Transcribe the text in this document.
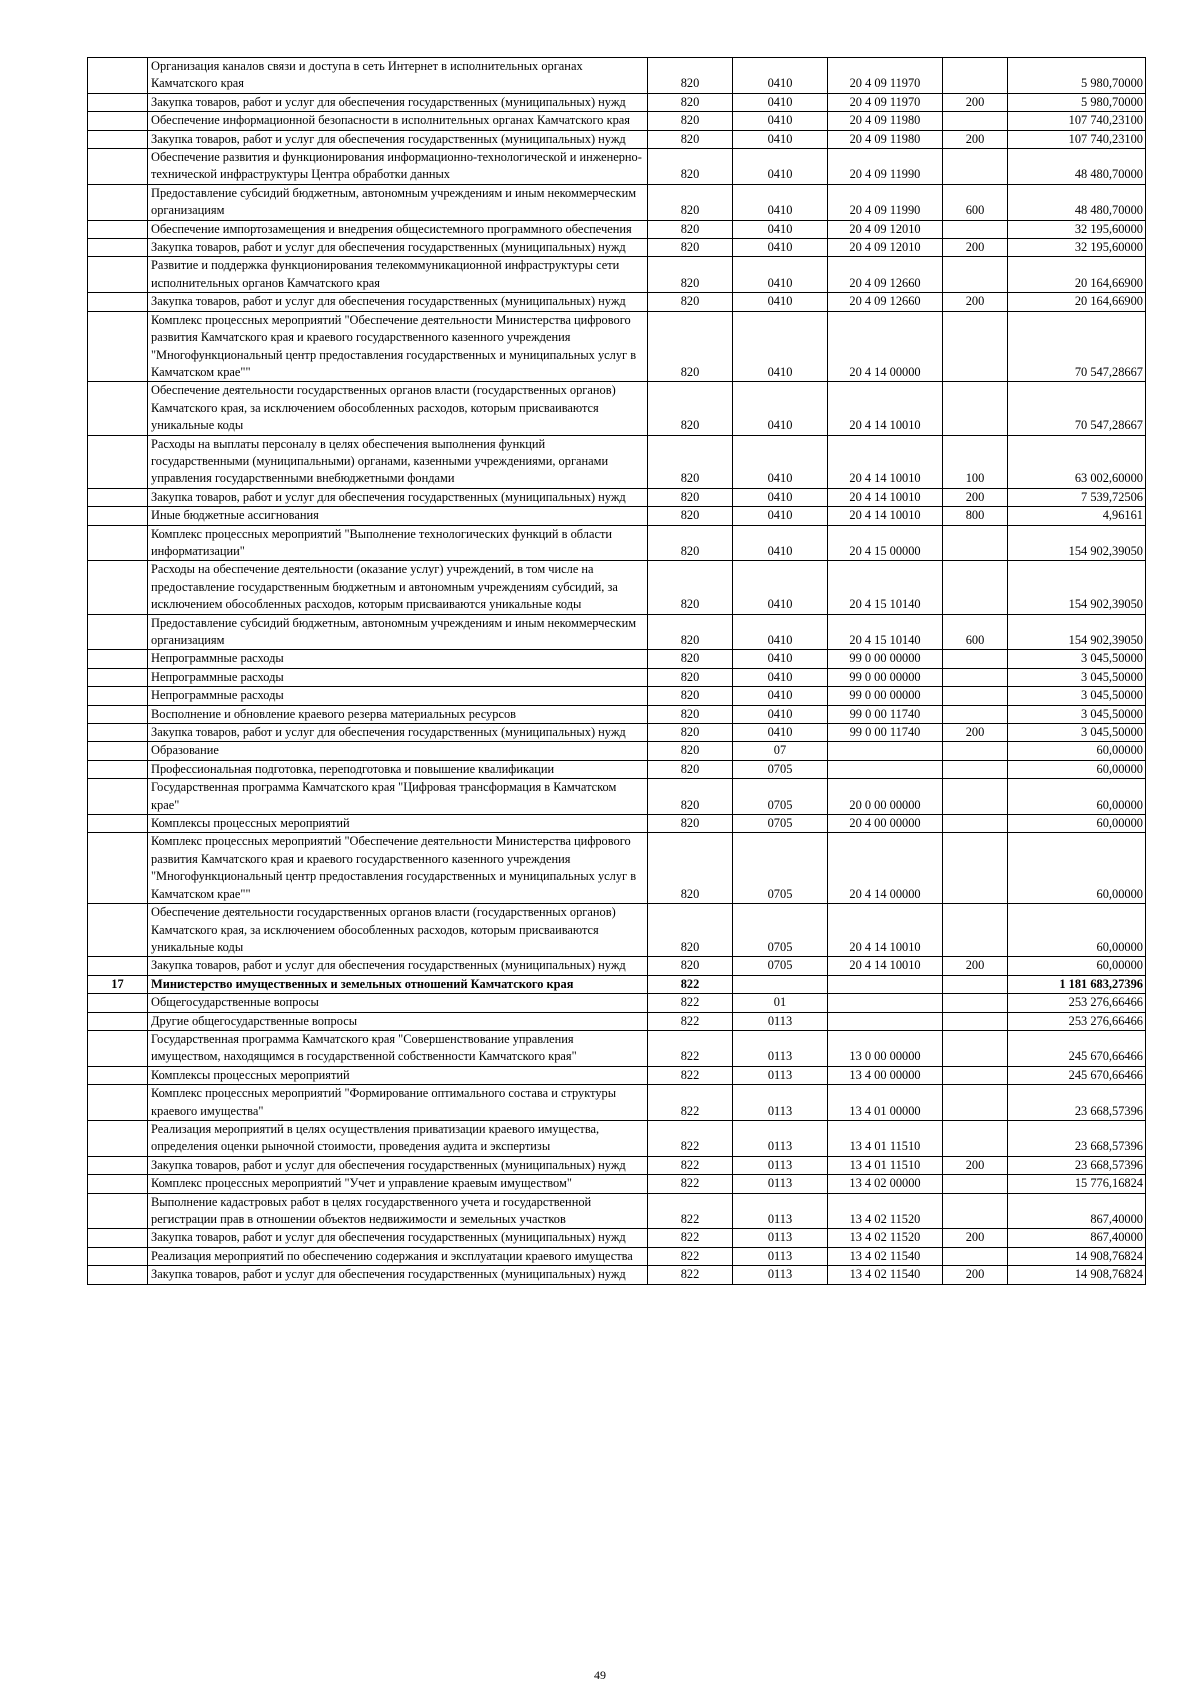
	Организация каналов связи и доступа в сеть Интернет в исполнительных органах Камчатского края	820	0410	20 4 09 11970		5 980,70000
	Закупка товаров, работ и услуг для обеспечения государственных (муниципальных) нужд	820	0410	20 4 09 11970	200	5 980,70000
	Обеспечение информационной безопасности в исполнительных органах Камчатского края	820	0410	20 4 09 11980		107 740,23100
	Закупка товаров, работ и услуг для обеспечения государственных (муниципальных) нужд	820	0410	20 4 09 11980	200	107 740,23100
	Обеспечение развития и функционирования информационно-технологической и инженерно-технической инфраструктуры Центра обработки данных	820	0410	20 4 09 11990		48 480,70000
	Предоставление субсидий бюджетным, автономным учреждениям и иным некоммерческим организациям	820	0410	20 4 09 11990	600	48 480,70000
	Обеспечение импортозамещения и внедрения общесистемного программного обеспечения	820	0410	20 4 09 12010		32 195,60000
	Закупка товаров, работ и услуг для обеспечения государственных (муниципальных) нужд	820	0410	20 4 09 12010	200	32 195,60000
	Развитие и поддержка функционирования телекоммуникационной инфраструктуры сети исполнительных органов Камчатского края	820	0410	20 4 09 12660		20 164,66900
	Закупка товаров, работ и услуг для обеспечения государственных (муниципальных) нужд	820	0410	20 4 09 12660	200	20 164,66900
	Комплекс процессных мероприятий "Обеспечение деятельности Министерства цифрового развития Камчатского края и краевого государственного казенного учреждения "Многофункциональный центр предоставления государственных и муниципальных услуг в Камчатском крае""	820	0410	20 4 14 00000		70 547,28667
	Обеспечение деятельности государственных органов власти (государственных органов) Камчатского края, за исключением обособленных расходов, которым присваиваются уникальные коды	820	0410	20 4 14 10010		70 547,28667
	Расходы на выплаты персоналу в целях обеспечения выполнения функций государственными (муниципальными) органами, казенными учреждениями, органами управления государственными внебюджетными фондами	820	0410	20 4 14 10010	100	63 002,60000
	Закупка товаров, работ и услуг для обеспечения государственных (муниципальных) нужд	820	0410	20 4 14 10010	200	7 539,72506
	Иные бюджетные ассигнования	820	0410	20 4 14 10010	800	4,96161
	Комплекс процессных мероприятий "Выполнение технологических функций в области информатизации"	820	0410	20 4 15 00000		154 902,39050
	Расходы на обеспечение деятельности (оказание услуг) учреждений, в том числе на предоставление государственным бюджетным и автономным учреждениям субсидий, за исключением обособленных расходов, которым присваиваются уникальные коды	820	0410	20 4 15 10140		154 902,39050
	Предоставление субсидий бюджетным, автономным учреждениям и иным некоммерческим организациям	820	0410	20 4 15 10140	600	154 902,39050
	Непрограммные расходы	820	0410	99 0 00 00000		3 045,50000
	Непрограммные расходы	820	0410	99 0 00 00000		3 045,50000
	Непрограммные расходы	820	0410	99 0 00 00000		3 045,50000
	Восполнение и обновление краевого резерва материальных ресурсов	820	0410	99 0 00 11740		3 045,50000
	Закупка товаров, работ и услуг для обеспечения государственных (муниципальных) нужд	820	0410	99 0 00 11740	200	3 045,50000
	Образование	820	07			60,00000
	Профессиональная подготовка, переподготовка и повышение квалификации	820	0705			60,00000
	Государственная программа Камчатского края "Цифровая трансформация в Камчатском крае"	820	0705	20 0 00 00000		60,00000
	Комплексы процессных мероприятий	820	0705	20 4 00 00000		60,00000
	Комплекс процессных мероприятий "Обеспечение деятельности Министерства цифрового развития Камчатского края и краевого государственного казенного учреждения "Многофункциональный центр предоставления государственных и муниципальных услуг в Камчатском крае""	820	0705	20 4 14 00000		60,00000
	Обеспечение деятельности государственных органов власти (государственных органов) Камчатского края, за исключением обособленных расходов, которым присваиваются уникальные коды	820	0705	20 4 14 10010		60,00000
	Закупка товаров, работ и услуг для обеспечения государственных (муниципальных) нужд	820	0705	20 4 14 10010	200	60,00000
17	Министерство имущественных и земельных отношений Камчатского края	822				1 181 683,27396
	Общегосударственные вопросы	822	01			253 276,66466
	Другие общегосударственные вопросы	822	0113			253 276,66466
	Государственная программа Камчатского края "Совершенствование управления имуществом, находящимся в государственной собственности Камчатского края"	822	0113	13 0 00 00000		245 670,66466
	Комплексы процессных мероприятий	822	0113	13 4 00 00000		245 670,66466
	Комплекс процессных мероприятий "Формирование оптимального состава и структуры краевого имущества"	822	0113	13 4 01 00000		23 668,57396
	Реализация мероприятий в целях осуществления приватизации краевого имущества, определения оценки рыночной стоимости, проведения аудита и экспертизы	822	0113	13 4 01 11510		23 668,57396
	Закупка товаров, работ и услуг для обеспечения государственных (муниципальных) нужд	822	0113	13 4 01 11510	200	23 668,57396
	Комплекс процессных мероприятий "Учет и управление краевым имуществом"	822	0113	13 4 02 00000		15 776,16824
	Выполнение кадастровых работ в целях государственного учета и государственной регистрации прав в отношении объектов недвижимости и земельных участков	822	0113	13 4 02 11520		867,40000
	Закупка товаров, работ и услуг для обеспечения государственных (муниципальных) нужд	822	0113	13 4 02 11520	200	867,40000
	Реализация мероприятий по обеспечению содержания и эксплуатации краевого имущества	822	0113	13 4 02 11540		14 908,76824
	Закупка товаров, работ и услуг для обеспечения государственных (муниципальных) нужд	822	0113	13 4 02 11540	200	14 908,76824
49
